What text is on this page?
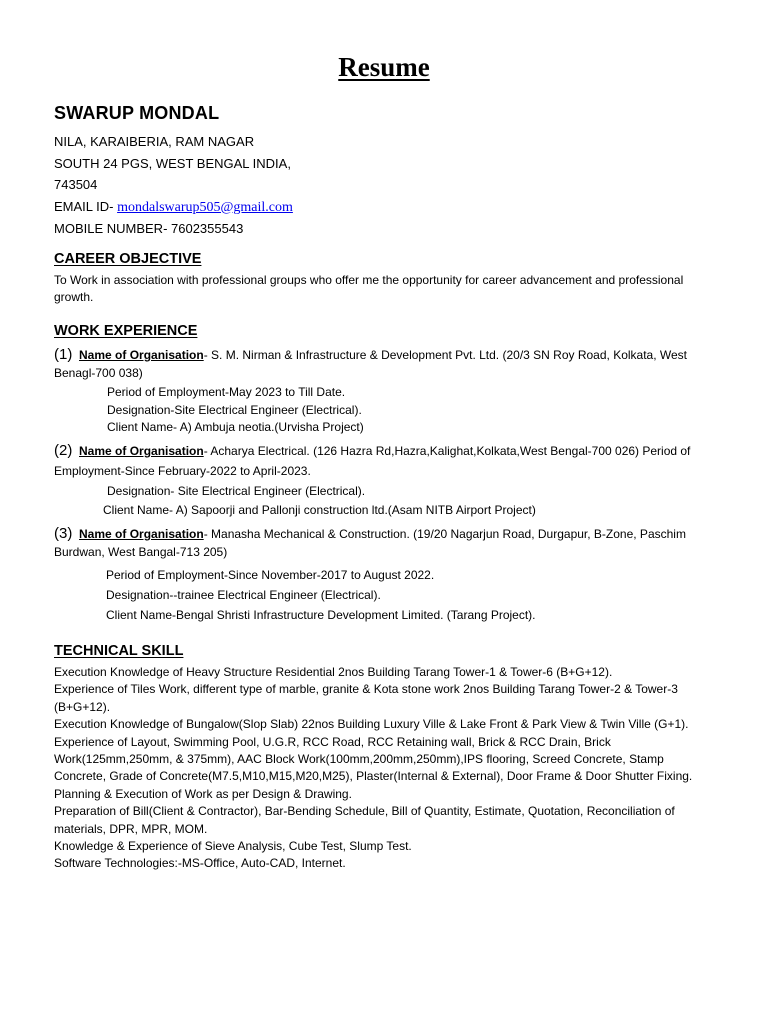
Resume
SWARUP MONDAL
NILA, KARAIBERIA, RAM NAGAR
SOUTH 24 PGS, WEST BENGAL INDIA,
743504
EMAIL ID- mondalswarup505@gmail.com
MOBILE NUMBER- 7602355543
CAREER OBJECTIVE
To Work in association with professional groups who offer me the opportunity for career advancement and professional growth.
WORK EXPERIENCE
(1) Name of Organisation- S. M. Nirman & Infrastructure & Development Pvt. Ltd. (20/3 SN Roy Road, Kolkata, West Benagl-700 038)
Period of Employment-May 2023 to Till Date.
Designation-Site Electrical Engineer (Electrical).
Client Name- A) Ambuja neotia.(Urvisha Project)
(2) Name of Organisation- Acharya Electrical. (126 Hazra Rd,Hazra,Kalighat,Kolkata,West Bengal-700 026) Period of Employment-Since February-2022 to April-2023.
Designation- Site Electrical Engineer (Electrical).
Client Name- A) Sapoorji and Pallonji construction ltd.(Asam NITB Airport Project)
(3) Name of Organisation- Manasha Mechanical & Construction. (19/20 Nagarjun Road, Durgapur, B-Zone, Paschim Burdwan, West Bangal-713 205)
Period of Employment-Since November-2017 to August 2022.
Designation--trainee Electrical Engineer (Electrical).
Client Name-Bengal Shristi Infrastructure Development Limited. (Tarang Project).
TECHNICAL SKILL
Execution Knowledge of Heavy Structure Residential 2nos Building Tarang Tower-1 & Tower-6 (B+G+12).
Experience of Tiles Work, different type of marble, granite & Kota stone work 2nos Building Tarang Tower-2 & Tower-3 (B+G+12).
Execution Knowledge of Bungalow(Slop Slab) 22nos Building Luxury Ville & Lake Front & Park View & Twin Ville (G+1).
Experience of Layout, Swimming Pool, U.G.R, RCC Road, RCC Retaining wall, Brick & RCC Drain, Brick Work(125mm,250mm, & 375mm), AAC Block Work(100mm,200mm,250mm),IPS flooring, Screed Concrete, Stamp Concrete, Grade of Concrete(M7.5,M10,M15,M20,M25), Plaster(Internal & External), Door Frame & Door Shutter Fixing.
Planning & Execution of Work as per Design & Drawing.
Preparation of Bill(Client & Contractor), Bar-Bending Schedule, Bill of Quantity, Estimate, Quotation, Reconciliation of materials, DPR, MPR, MOM.
Knowledge & Experience of Sieve Analysis, Cube Test, Slump Test.
Software Technologies:-MS-Office, Auto-CAD, Internet.
